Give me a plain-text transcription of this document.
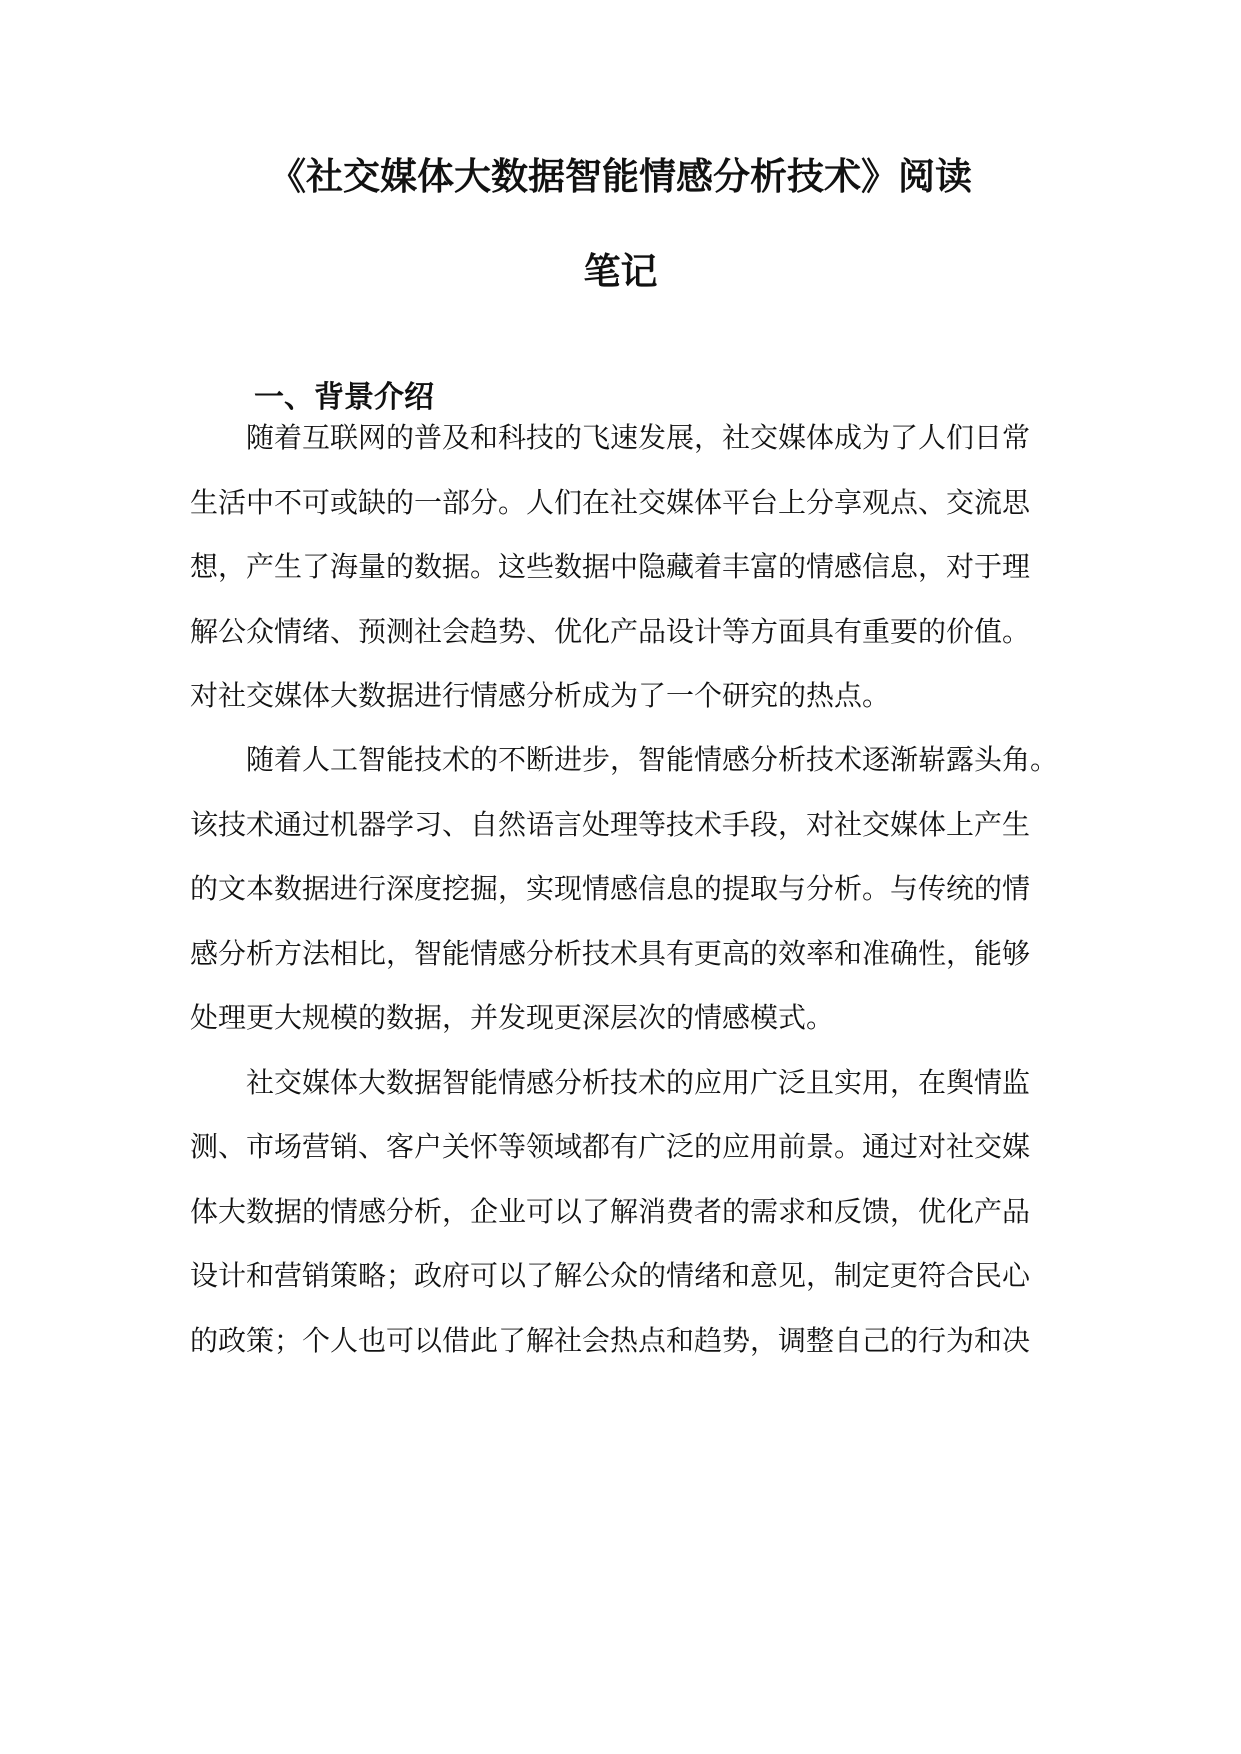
《社交媒体大数据智能情感分析技术》阅读
笔记
一、背景介绍
随着互联网的普及和科技的飞速发展，社交媒体成为了人们日常
生活中不可或缺的一部分。人们在社交媒体平台上分享观点、交流思
想，产生了海量的数据。这些数据中隐藏着丰富的情感信息，对于理
解公众情绪、预测社会趋势、优化产品设计等方面具有重要的价值。
对社交媒体大数据进行情感分析成为了一个研究的热点。
随着人工智能技术的不断进步，智能情感分析技术逐渐崭露头角。
该技术通过机器学习、自然语言处理等技术手段，对社交媒体上产生
的文本数据进行深度挖掘，实现情感信息的提取与分析。与传统的情
感分析方法相比，智能情感分析技术具有更高的效率和准确性，能够
处理更大规模的数据，并发现更深层次的情感模式。
社交媒体大数据智能情感分析技术的应用广泛且实用，在舆情监
测、市场营销、客户关怀等领域都有广泛的应用前景。通过对社交媒
体大数据的情感分析，企业可以了解消费者的需求和反馈，优化产品
设计和营销策略；政府可以了解公众的情绪和意见，制定更符合民心
的政策；个人也可以借此了解社会热点和趋势，调整自己的行为和决
